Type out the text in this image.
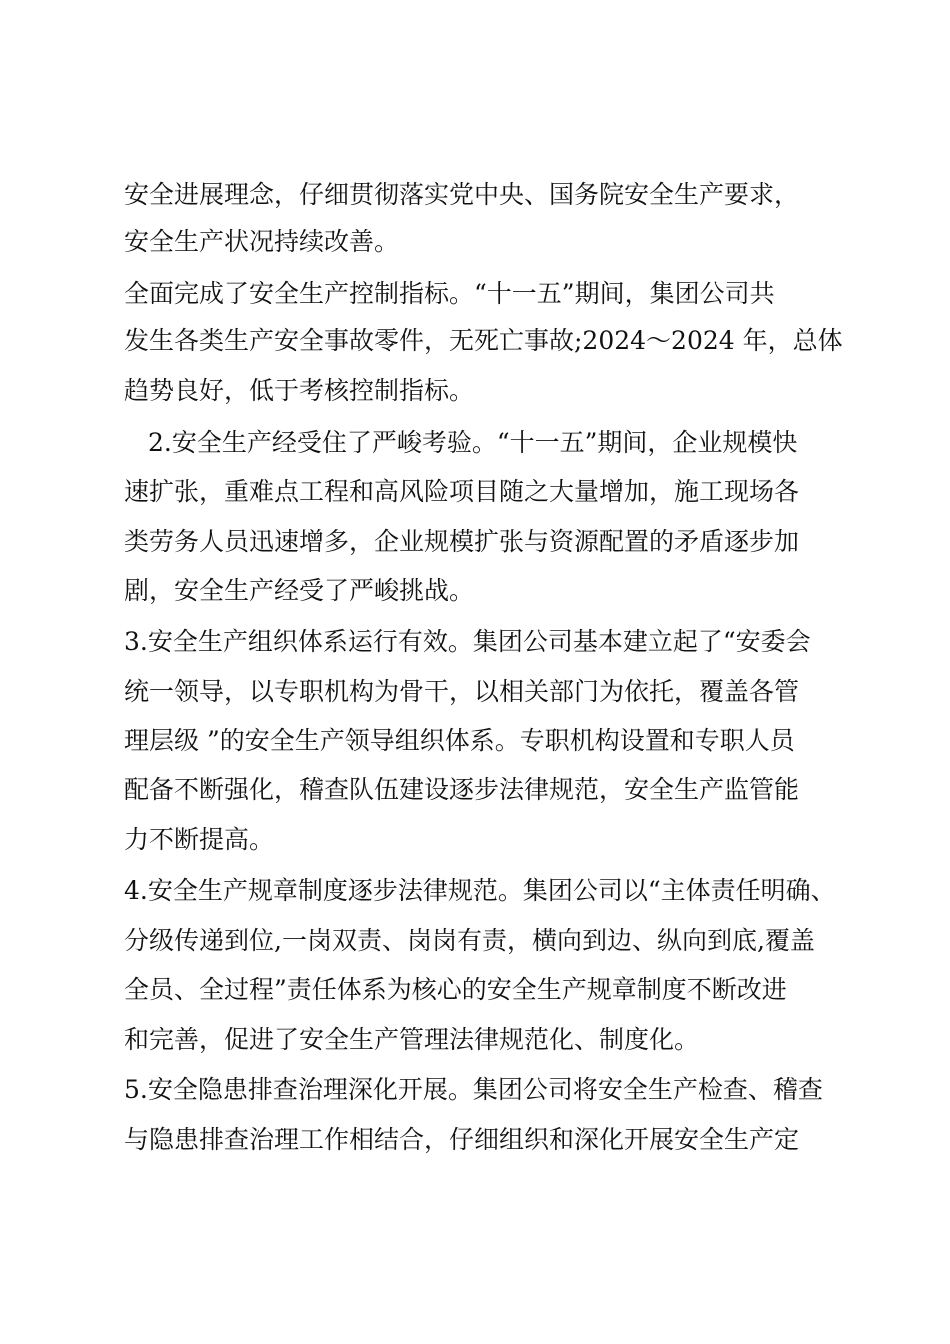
安全进展理念，仔细贯彻落实党中央、国务院安全生产要求，
安全生产状况持续改善。
全面完成了安全生产控制指标。“十一五”期间，集团公司共
发生各类生产安全事故零件，无死亡事故;2024～2024 年，总体
趋势良好，低于考核控制指标。
2.安全生产经受住了严峻考验。“十一五”期间，企业规模快
速扩张，重难点工程和高风险项目随之大量增加，施工现场各
类劳务人员迅速增多，企业规模扩张与资源配置的矛盾逐步加
剧，安全生产经受了严峻挑战。
3.安全生产组织体系运行有效。集团公司基本建立起了“安委会
统一领导，以专职机构为骨干，以相关部门为依托，覆盖各管
理层级 ”的安全生产领导组织体系。专职机构设置和专职人员
配备不断强化，稽查队伍建设逐步法律规范，安全生产监管能
力不断提高。
4.安全生产规章制度逐步法律规范。集团公司以“主体责任明确、
分级传递到位,一岗双责、岗岗有责，横向到边、纵向到底,覆盖
全员、全过程”责任体系为核心的安全生产规章制度不断改进
和完善，促进了安全生产管理法律规范化、制度化。
5.安全隐患排查治理深化开展。集团公司将安全生产检查、稽查
与隐患排查治理工作相结合，仔细组织和深化开展安全生产定
